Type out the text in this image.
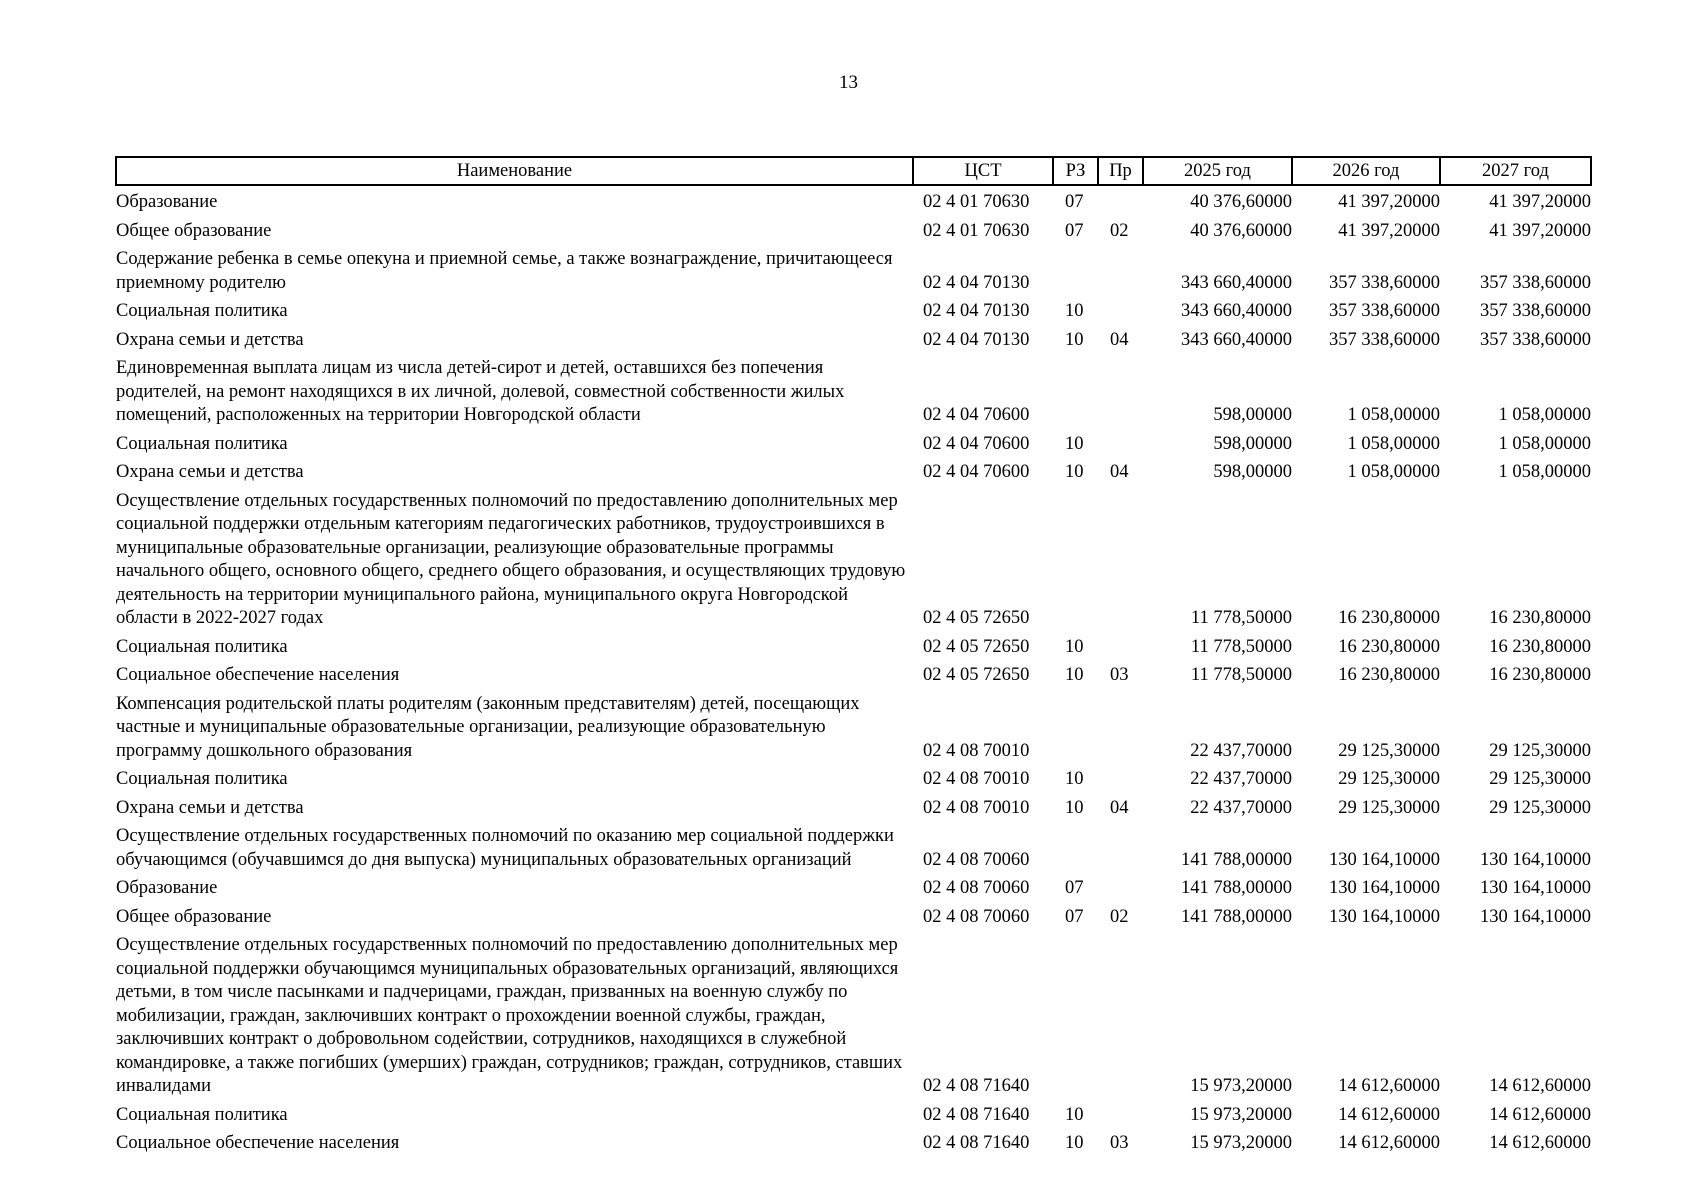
13
Наименование	ЦСТ	РЗ	Пр	2025 год	2026 год	2027 год
Образование	02 4 01 70630	07		40 376,60000	41 397,20000	41 397,20000
Общее образование	02 4 01 70630	07	02	40 376,60000	41 397,20000	41 397,20000
Содержание ребенка в семье опекуна и приемной семье, а также вознаграждение, причитающееся приемному родителю	02 4 04 70130			343 660,40000	357 338,60000	357 338,60000
Социальная политика	02 4 04 70130	10		343 660,40000	357 338,60000	357 338,60000
Охрана семьи и детства	02 4 04 70130	10	04	343 660,40000	357 338,60000	357 338,60000
Единовременная выплата лицам из числа детей-сирот и детей, оставшихся без попечения родителей, на ремонт находящихся в их личной, долевой, совместной собственности жилых помещений, расположенных на территории Новгородской области	02 4 04 70600			598,00000	1 058,00000	1 058,00000
Социальная политика	02 4 04 70600	10		598,00000	1 058,00000	1 058,00000
Охрана семьи и детства	02 4 04 70600	10	04	598,00000	1 058,00000	1 058,00000
Осуществление отдельных государственных полномочий по предоставлению дополнительных мер социальной поддержки отдельным категориям педагогических работников, трудоустроившихся в муниципальные образовательные организации, реализующие образовательные программы начального общего, основного общего, среднего общего образования, и осуществляющих трудовую деятельность на территории муниципального района, муниципального округа Новгородской области в 2022-2027 годах	02 4 05 72650			11 778,50000	16 230,80000	16 230,80000
Социальная политика	02 4 05 72650	10		11 778,50000	16 230,80000	16 230,80000
Социальное обеспечение населения	02 4 05 72650	10	03	11 778,50000	16 230,80000	16 230,80000
Компенсация родительской платы родителям (законным представителям) детей, посещающих частные и муниципальные образовательные организации, реализующие образовательную программу дошкольного образования	02 4 08 70010			22 437,70000	29 125,30000	29 125,30000
Социальная политика	02 4 08 70010	10		22 437,70000	29 125,30000	29 125,30000
Охрана семьи и детства	02 4 08 70010	10	04	22 437,70000	29 125,30000	29 125,30000
Осуществление отдельных государственных полномочий по оказанию мер социальной поддержки обучающимся (обучавшимся до дня выпуска) муниципальных образовательных организаций	02 4 08 70060			141 788,00000	130 164,10000	130 164,10000
Образование	02 4 08 70060	07		141 788,00000	130 164,10000	130 164,10000
Общее образование	02 4 08 70060	07	02	141 788,00000	130 164,10000	130 164,10000
Осуществление отдельных государственных полномочий по предоставлению дополнительных мер социальной поддержки обучающимся муниципальных образовательных организаций, являющихся детьми, в том числе пасынками и падчерицами, граждан, призванных на военную службу по мобилизации, граждан, заключивших контракт о прохождении военной службы, граждан, заключивших контракт о добровольном содействии, сотрудников, находящихся в служебной командировке, а также погибших (умерших) граждан, сотрудников; граждан, сотрудников, ставших инвалидами	02 4 08 71640			15 973,20000	14 612,60000	14 612,60000
Социальная политика	02 4 08 71640	10		15 973,20000	14 612,60000	14 612,60000
Социальное обеспечение населения	02 4 08 71640	10	03	15 973,20000	14 612,60000	14 612,60000
